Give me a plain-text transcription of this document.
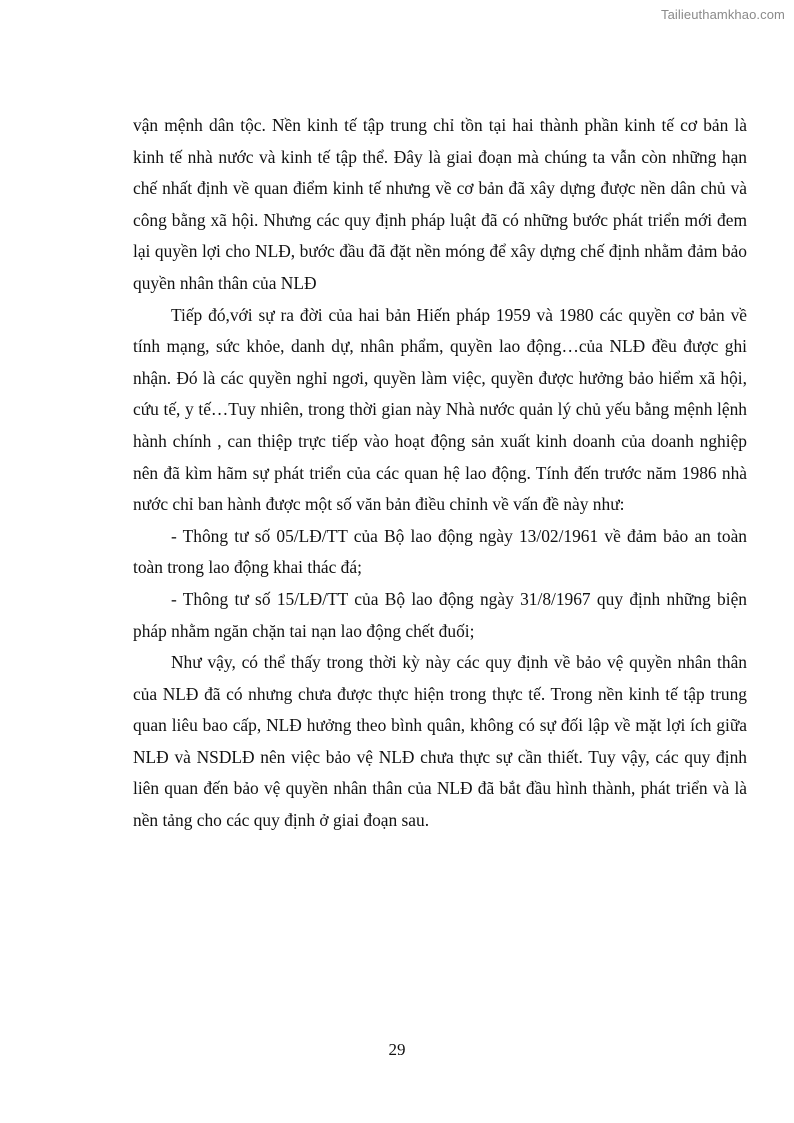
Tailieuthamkhao.com

vận mệnh dân tộc. Nền kinh tế tập trung chỉ tồn tại hai thành phần kinh tế cơ bản là kinh tế nhà nước và kinh tế tập thể. Đây là giai đoạn mà chúng ta vẫn còn những hạn chế nhất định về quan điểm kinh tế nhưng về cơ bản đã xây dựng được nền dân chủ và công bằng xã hội. Nhưng các quy định pháp luật đã có những bước phát triển mới đem lại quyền lợi cho NLĐ, bước đầu đã đặt nền móng để xây dựng chế định nhằm đảm bảo quyền nhân thân của NLĐ

Tiếp đó,với sự ra đời của hai bản Hiến pháp 1959 và 1980 các quyền cơ bản về tính mạng, sức khỏe, danh dự, nhân phẩm, quyền lao động…của NLĐ đều được ghi nhận. Đó là các quyền nghỉ ngơi, quyền làm việc, quyền được hưởng bảo hiểm xã hội, cứu tế, y tế…Tuy nhiên, trong thời gian này Nhà nước quản lý chủ yếu bằng mệnh lệnh hành chính , can thiệp trực tiếp vào hoạt động sản xuất kinh doanh của doanh nghiệp nên đã kìm hãm sự phát triển của các quan hệ lao động. Tính đến trước năm 1986 nhà nước chỉ ban hành được một số văn bản điều chỉnh về vấn đề này như:

- Thông tư số 05/LĐ/TT của Bộ lao động ngày 13/02/1961 về đảm bảo an toàn toàn trong lao động khai thác đá;

- Thông tư số 15/LĐ/TT của Bộ lao động ngày 31/8/1967 quy định những biện pháp nhằm ngăn chặn tai nạn lao động chết đuối;

Như vậy, có thể thấy trong thời kỳ này các quy định về bảo vệ quyền nhân thân của NLĐ đã có nhưng chưa được thực hiện trong thực tế. Trong nền kinh tế tập trung quan liêu bao cấp, NLĐ hưởng theo bình quân, không có sự đối lập về mặt lợi ích giữa NLĐ và NSDLĐ nên việc bảo vệ NLĐ chưa thực sự cần thiết. Tuy vậy, các quy định liên quan đến bảo vệ quyền nhân thân của NLĐ đã bắt đầu hình thành, phát triển và là nền tảng cho các quy định ở giai đoạn sau.

29
